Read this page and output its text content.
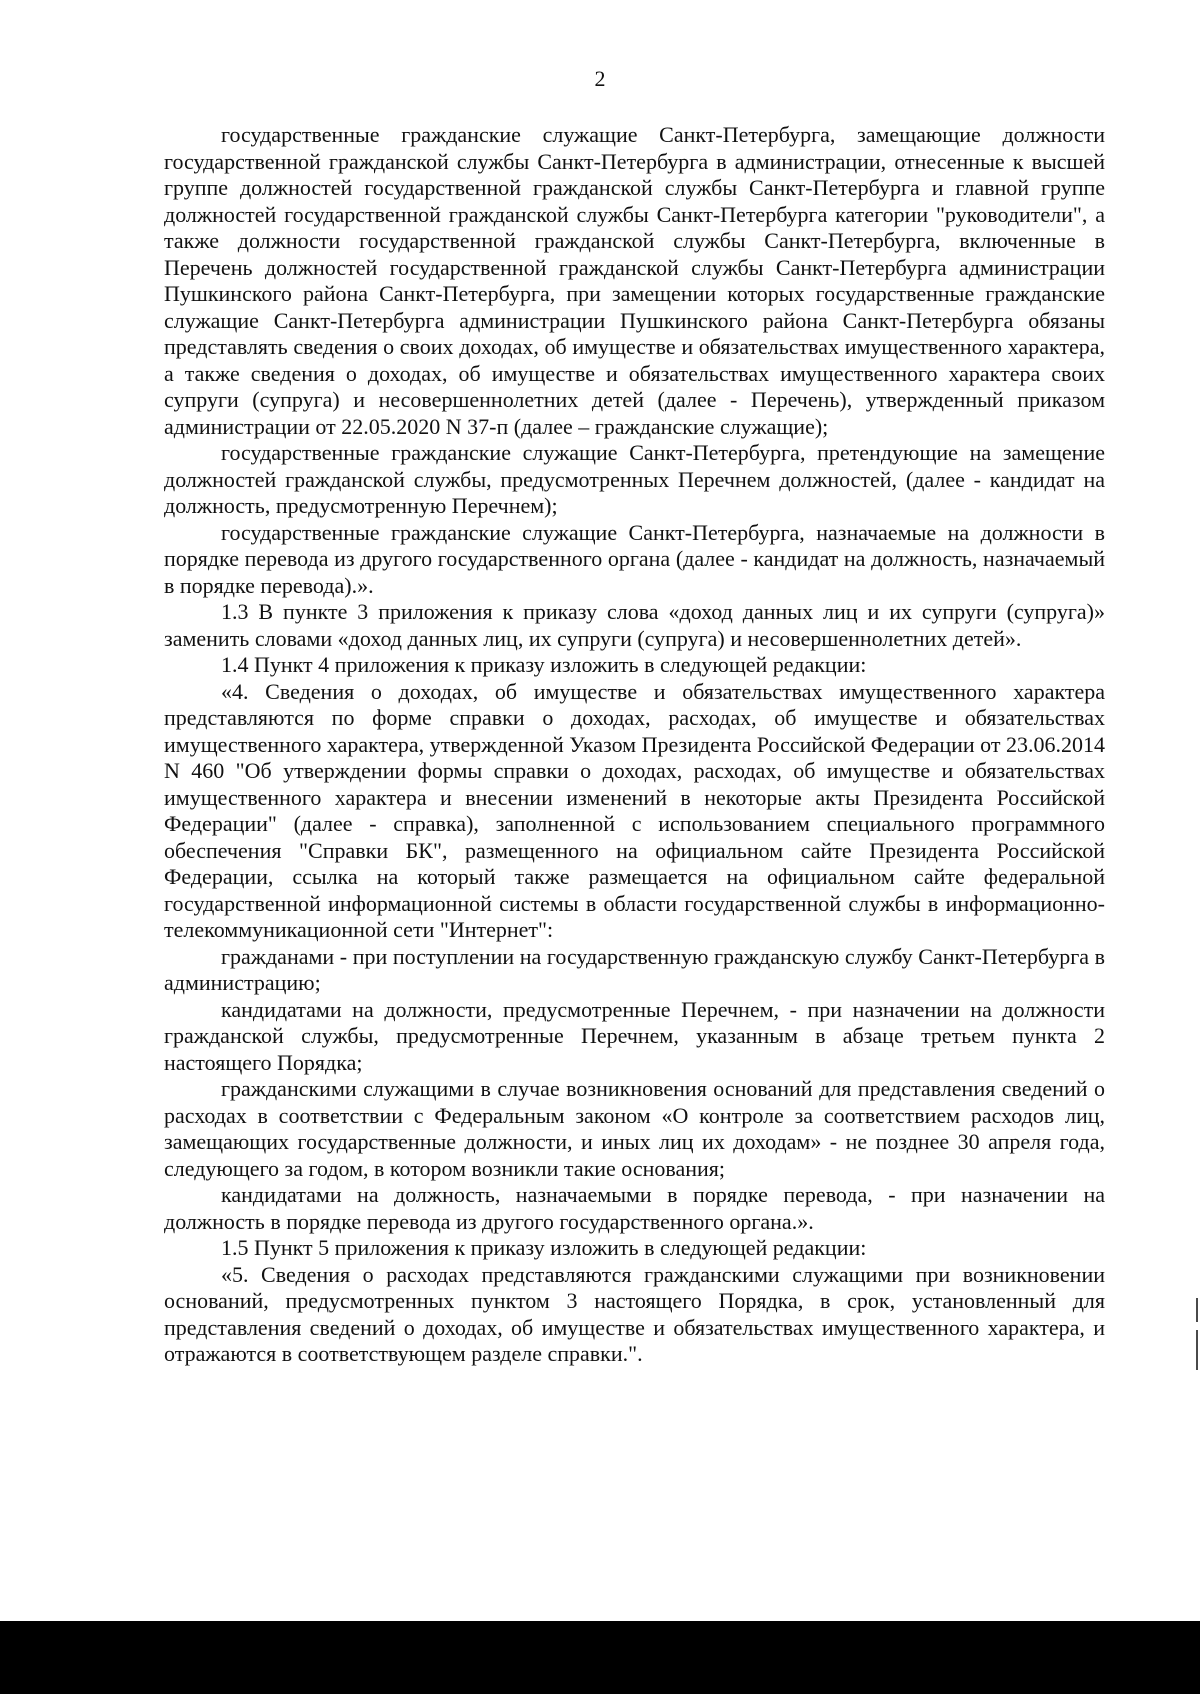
2

государственные гражданские служащие Санкт-Петербурга, замещающие должности государственной гражданской службы Санкт-Петербурга в администрации, отнесенные к высшей группе должностей государственной гражданской службы Санкт-Петербурга и главной группе должностей государственной гражданской службы Санкт-Петербурга категории "руководители", а также должности государственной гражданской службы Санкт-Петербурга, включенные в Перечень должностей государственной гражданской службы Санкт-Петербурга администрации Пушкинского района Санкт-Петербурга, при замещении которых государственные гражданские служащие Санкт-Петербурга администрации Пушкинского района Санкт-Петербурга обязаны представлять сведения о своих доходах, об имуществе и обязательствах имущественного характера, а также сведения о доходах, об имуществе и обязательствах имущественного характера своих супруги (супруга) и несовершеннолетних детей (далее - Перечень), утвержденный приказом администрации от 22.05.2020 N 37-п (далее – гражданские служащие);

государственные гражданские служащие Санкт-Петербурга, претендующие на замещение должностей гражданской службы, предусмотренных Перечнем должностей, (далее - кандидат на должность, предусмотренную Перечнем);

государственные гражданские служащие Санкт-Петербурга, назначаемые на должности в порядке перевода из другого государственного органа (далее - кандидат на должность, назначаемый в порядке перевода).».

1.3 В пункте 3 приложения к приказу слова «доход данных лиц и их супруги (супруга)» заменить словами «доход данных лиц, их супруги (супруга) и несовершеннолетних детей».

1.4 Пункт 4 приложения к приказу изложить в следующей редакции:

«4. Сведения о доходах, об имуществе и обязательствах имущественного характера представляются по форме справки о доходах, расходах, об имуществе и обязательствах имущественного характера, утвержденной Указом Президента Российской Федерации от 23.06.2014 N 460 "Об утверждении формы справки о доходах, расходах, об имуществе и обязательствах имущественного характера и внесении изменений в некоторые акты Президента Российской Федерации" (далее - справка), заполненной с использованием специального программного обеспечения "Справки БК", размещенного на официальном сайте Президента Российской Федерации, ссылка на который также размещается на официальном сайте федеральной государственной информационной системы в области государственной службы в информационно-телекоммуникационной сети "Интернет":

гражданами - при поступлении на государственную гражданскую службу Санкт-Петербурга в администрацию;

кандидатами на должности, предусмотренные Перечнем, - при назначении на должности гражданской службы, предусмотренные Перечнем, указанным в абзаце третьем пункта 2 настоящего Порядка;

гражданскими служащими в случае возникновения оснований для представления сведений о расходах в соответствии с Федеральным законом «О контроле за соответствием расходов лиц, замещающих государственные должности, и иных лиц их доходам» - не позднее 30 апреля года, следующего за годом, в котором возникли такие основания;

кандидатами на должность, назначаемыми в порядке перевода, - при назначении на должность в порядке перевода из другого государственного органа.».

1.5 Пункт 5 приложения к приказу изложить в следующей редакции:

«5. Сведения о расходах представляются гражданскими служащими при возникновении оснований, предусмотренных пунктом 3 настоящего Порядка, в срок, установленный для представления сведений о доходах, об имуществе и обязательствах имущественного характера, и отражаются в соответствующем разделе справки.".
